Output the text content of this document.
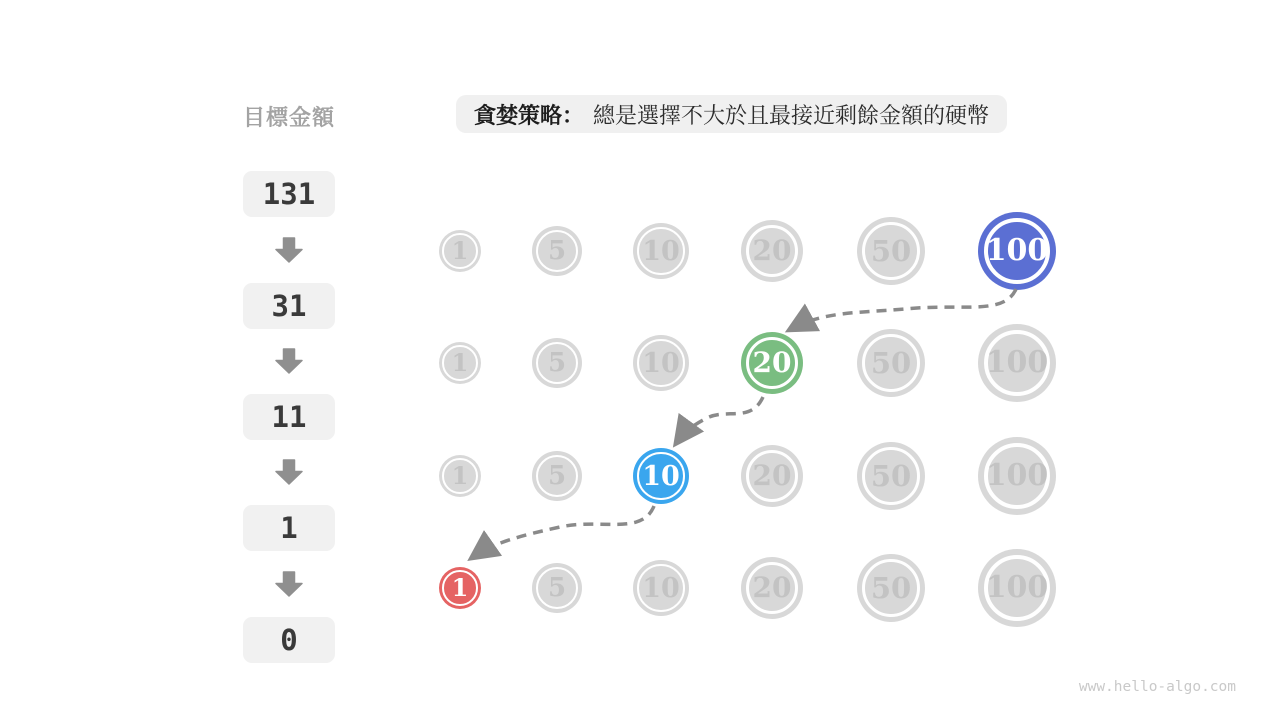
目標金額
131
31
11
1
0
貪婪策略： 總是選擇不大於且最接近剩餘金額的硬幣
1	5	10	20	50 100
1	5	10	20	50 100
1	5	10	20	50 100
1	5	10	20	50 100
www.hello-algo.com
